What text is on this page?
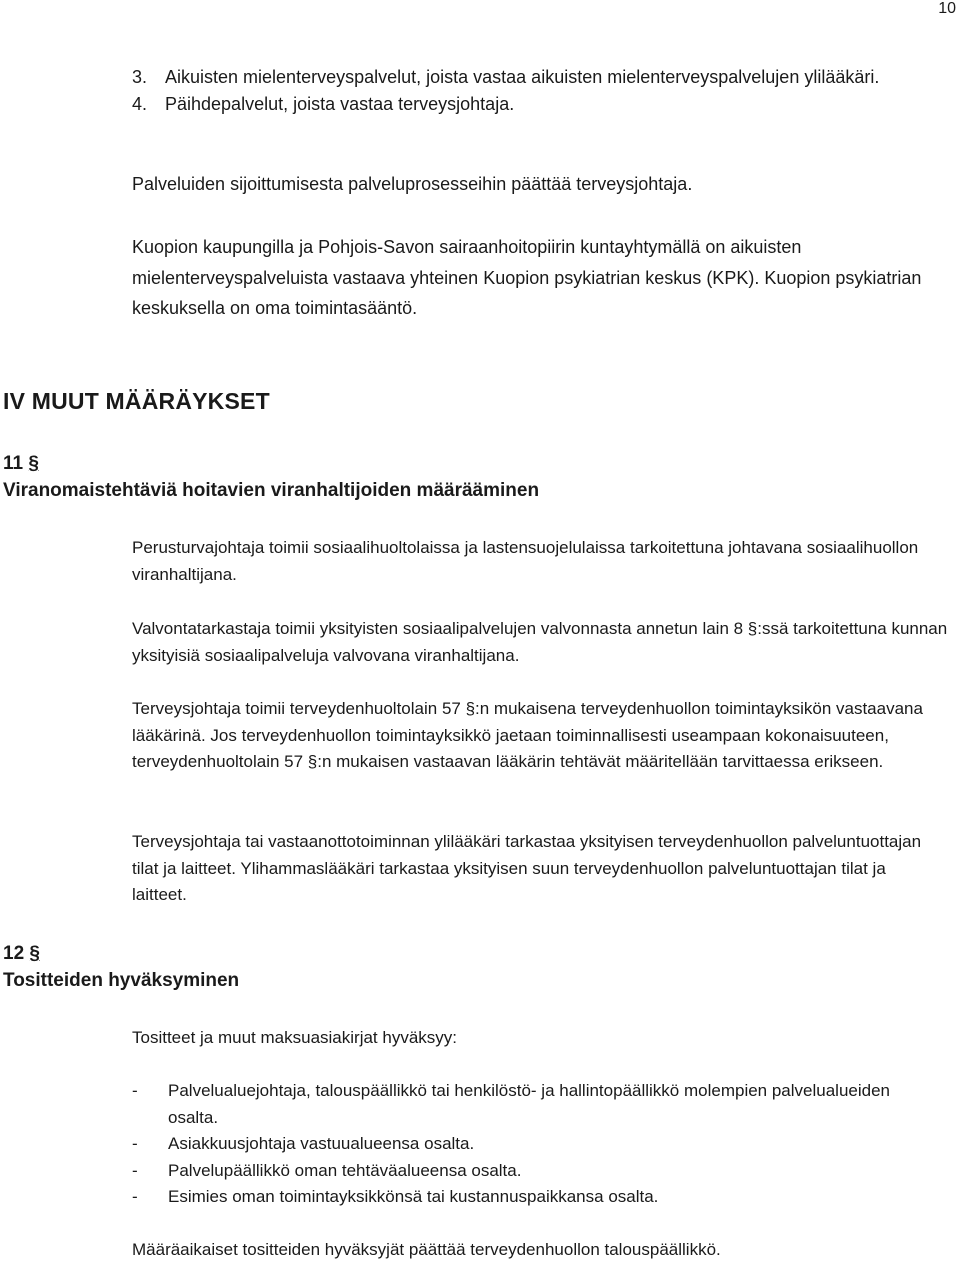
10
3. Aikuisten mielenterveyspalvelut, joista vastaa aikuisten mielenterveyspalvelujen ylilääkäri.
4. Päihdepalvelut, joista vastaa terveysjohtaja.
Palveluiden sijoittumisesta palveluprosesseihin päättää terveysjohtaja.
Kuopion kaupungilla ja Pohjois-Savon sairaanhoitopiirin kuntayhtymällä on aikuisten mielenterveyspalveluista vastaava yhteinen Kuopion psykiatrian keskus (KPK). Kuopion psykiatrian keskuksella on oma toimintasääntö.
IV MUUT MÄÄRÄYKSET
11 §
Viranomaistehtäviä hoitavien viranhaltijoiden määrääminen
Perusturvajohtaja toimii sosiaalihuoltolaissa ja lastensuojelulaissa tarkoitettuna johtavana sosiaalihuollon viranhaltijana.
Valvontatarkastaja toimii yksityisten sosiaalipalvelujen valvonnasta annetun lain 8 §:ssä tarkoitettuna kunnan yksityisiä sosiaalipalveluja valvovana viranhaltijana.
Terveysjohtaja toimii terveydenhuoltolain 57 §:n mukaisena terveydenhuollon toimintayksikön vastaavana lääkärinä. Jos terveydenhuollon toimintayksikkö jaetaan toiminnallisesti useampaan kokonaisuuteen, terveydenhuoltolain 57 §:n mukaisen vastaavan lääkärin tehtävät määritellään tarvittaessa erikseen.
Terveysjohtaja tai vastaanottotoiminnan ylilääkäri tarkastaa yksityisen terveydenhuollon palveluntuottajan tilat ja laitteet. Ylihammaslääkäri tarkastaa yksityisen suun terveydenhuollon palveluntuottajan tilat ja laitteet.
12 §
Tositteiden hyväksyminen
Tositteet ja muut maksuasiakirjat hyväksyy:
-	Palvelualuejohtaja, talouspäällikkö tai henkilöstö- ja hallintopäällikkö molempien palvelualueiden osalta.
-	Asiakkuusjohtaja vastuualueensa osalta.
-	Palvelupäällikkö oman tehtäväalueensa osalta.
-	Esimies oman toimintayksikkönsä tai kustannuspaikkansa osalta.
Määräaikaiset tositteiden hyväksyjät päättää terveydenhuollon talouspäällikkö.
